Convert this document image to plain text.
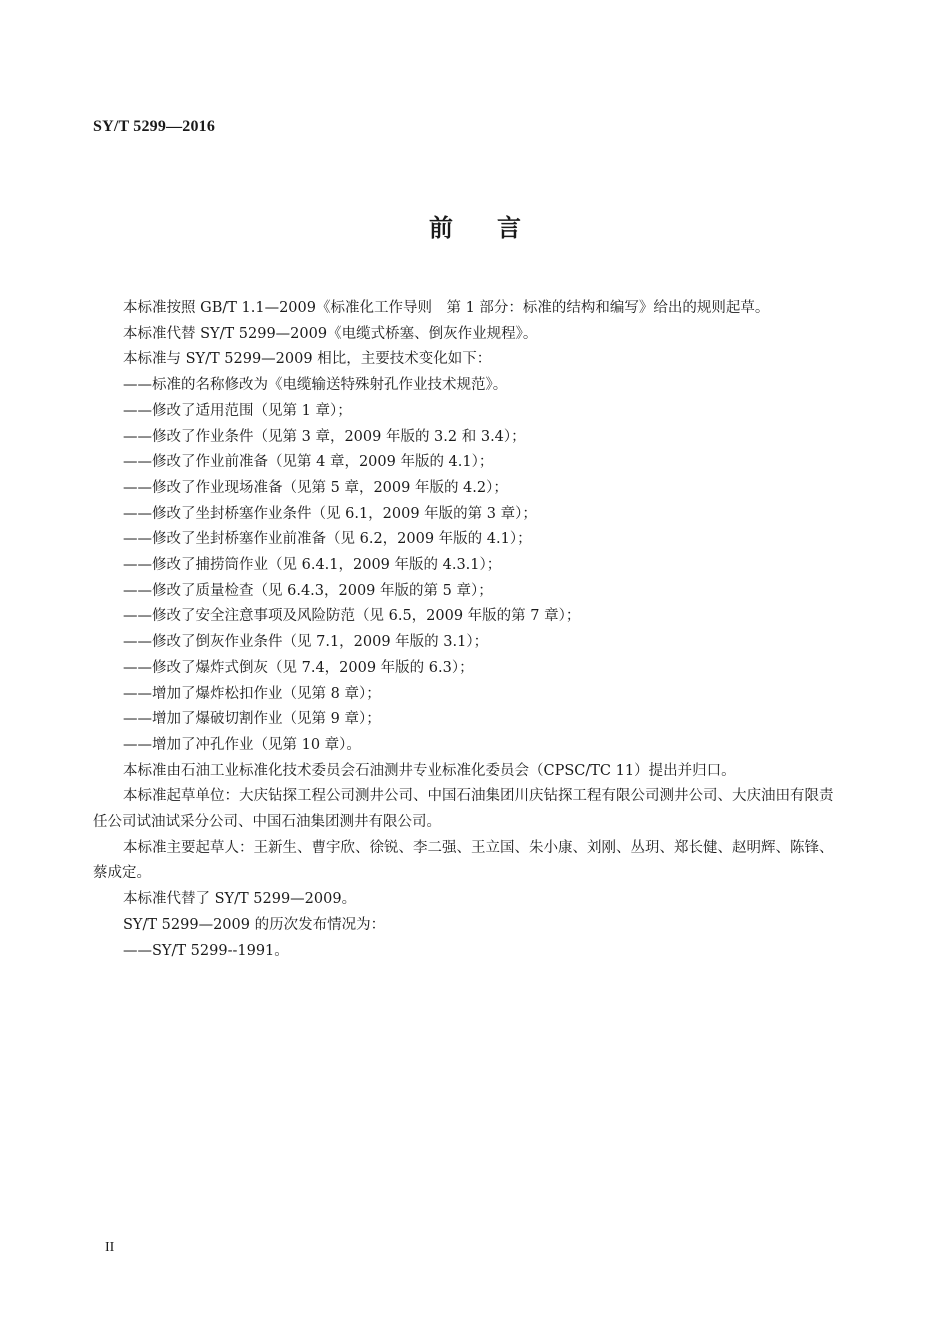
SY/T 5299—2016
前言

本标准按照 GB/T 1.1—2009《标准化工作导则　第 1 部分：标准的结构和编写》给出的规则起草。

本标准代替 SY/T 5299—2009《电缆式桥塞、倒灰作业规程》。

本标准与 SY/T 5299—2009 相比，主要技术变化如下：

——标准的名称修改为《电缆输送特殊射孔作业技术规范》。

——修改了适用范围（见第 1 章）；

——修改了作业条件（见第 3 章，2009 年版的 3.2 和 3.4）；

——修改了作业前准备（见第 4 章，2009 年版的 4.1）；

——修改了作业现场准备（见第 5 章，2009 年版的 4.2）；

——修改了坐封桥塞作业条件（见 6.1，2009 年版的第 3 章）；

——修改了坐封桥塞作业前准备（见 6.2，2009 年版的 4.1）；

——修改了捕捞筒作业（见 6.4.1，2009 年版的 4.3.1）；

——修改了质量检查（见 6.4.3，2009 年版的第 5 章）；

——修改了安全注意事项及风险防范（见 6.5，2009 年版的第 7 章）；

——修改了倒灰作业条件（见 7.1，2009 年版的 3.1）；

——修改了爆炸式倒灰（见 7.4，2009 年版的 6.3）；

——增加了爆炸松扣作业（见第 8 章）；

——增加了爆破切割作业（见第 9 章）；

——增加了冲孔作业（见第 10 章）。

本标准由石油工业标准化技术委员会石油测井专业标准化委员会（CPSC/TC 11）提出并归口。

本标准起草单位：大庆钻探工程公司测井公司、中国石油集团川庆钻探工程有限公司测井公司、大庆油田有限责任公司试油试采分公司、中国石油集团测井有限公司。

本标准主要起草人：王新生、曹宇欣、徐锐、李二强、王立国、朱小康、刘刚、丛玥、郑长健、赵明辉、陈锋、蔡成定。

本标准代替了 SY/T 5299—2009。

SY/T 5299—2009 的历次发布情况为：

——SY/T 5299--1991。

II
